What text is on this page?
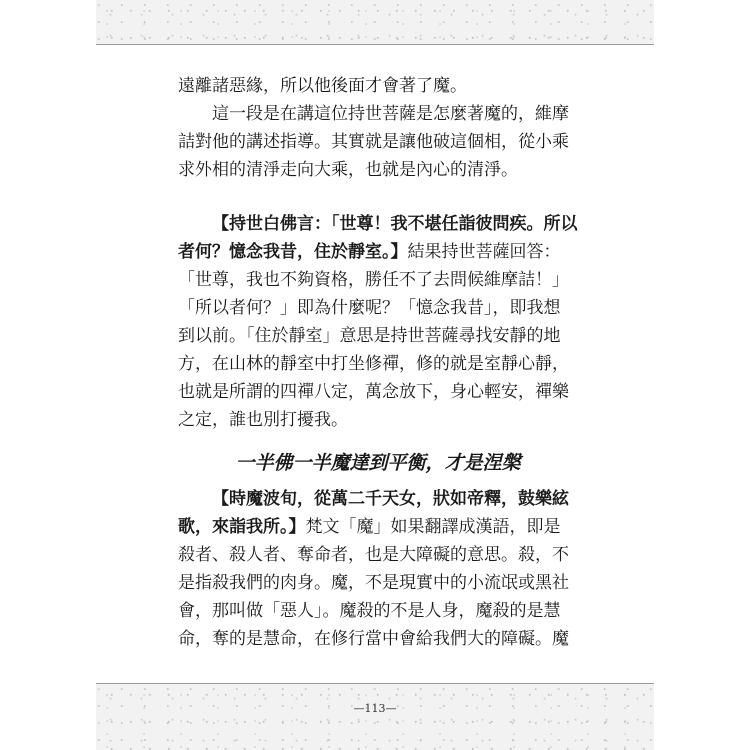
遠離諸惡緣，所以他後面才會著了魔。
這一段是在講這位持世菩薩是怎麼著魔的，維摩
詰對他的講述指導。其實就是讓他破這個相，從小乘
求外相的清淨走向大乘，也就是內心的清淨。
【持世白佛言：「世尊！我不堪任詣彼問疾。所以
者何？憶念我昔，住於靜室。】結果持世菩薩回答：
「世尊，我也不夠資格，勝任不了去問候維摩詰！」
「所以者何？」即為什麼呢？「憶念我昔」，即我想
到以前。「住於靜室」意思是持世菩薩尋找安靜的地
方，在山林的靜室中打坐修禪，修的就是室靜心靜，
也就是所謂的四禪八定，萬念放下，身心輕安，禪樂
之定，誰也別打擾我。
一半佛一半魔達到平衡，才是涅槃
【時魔波旬，從萬二千天女，狀如帝釋，鼓樂絃
歌，來詣我所。】梵文「魔」如果翻譯成漢語，即是
殺者、殺人者、奪命者，也是大障礙的意思。殺，不
是指殺我們的肉身。魔，不是現實中的小流氓或黑社
會，那叫做「惡人」。魔殺的不是人身，魔殺的是慧
命，奪的是慧命，在修行當中會給我們大的障礙。魔
—113—
